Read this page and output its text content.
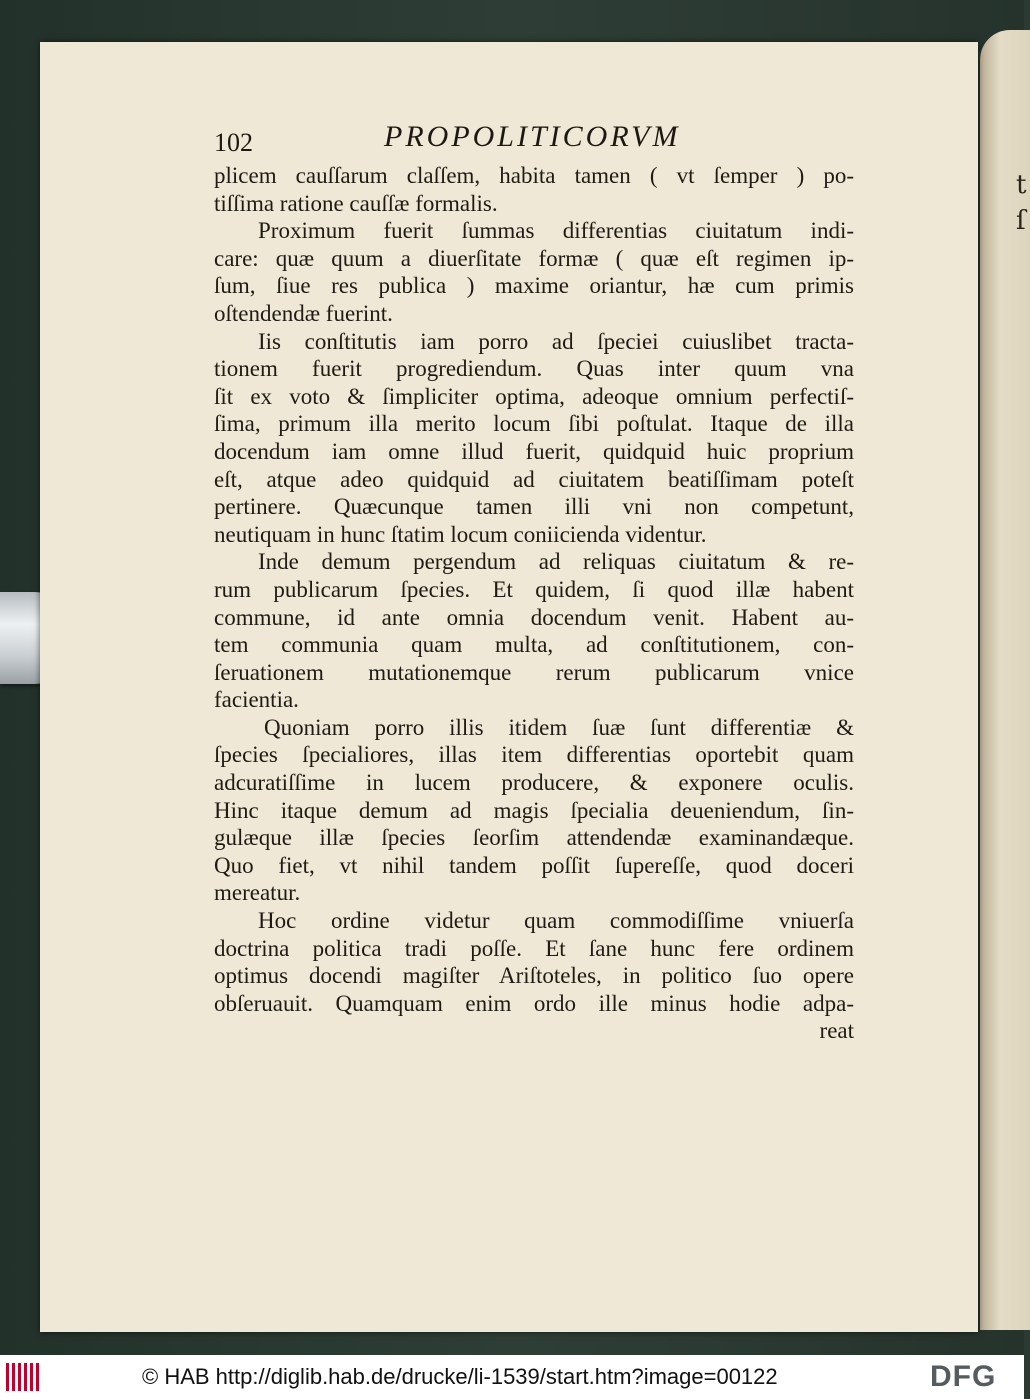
t
ſ
102	PROPOLITICORVM
plicem cauſſarum claſſem, habita tamen ( vt ſemper ) po-
tiſſima ratione cauſſæ formalis.
Proximum fuerit ſummas differentias ciuitatum indi-
care: quæ quum a diuerſitate formæ ( quæ eſt regimen ip-
ſum, ſiue res publica ) maxime oriantur, hæ cum primis
oſtendendæ fuerint.
Iis conſtitutis iam porro ad ſpeciei cuiuslibet tracta-
tionem fuerit progrediendum. Quas inter quum vna
ſit ex voto & ſimpliciter optima, adeoque omnium perfectiſ-
ſima, primum illa merito locum ſibi poſtulat. Itaque de illa
docendum iam omne illud fuerit, quidquid huic proprium
eſt, atque adeo quidquid ad ciuitatem beatiſſimam poteſt
pertinere. Quæcunque tamen illi vni non competunt,
neutiquam in hunc ſtatim locum coniicienda videntur.
Inde demum pergendum ad reliquas ciuitatum & re-
rum publicarum ſpecies. Et quidem, ſi quod illæ habent
commune, id ante omnia docendum venit. Habent au-
tem communia quam multa, ad conſtitutionem, con-
ſeruationem mutationemque rerum publicarum vnice
facientia.
Quoniam porro illis itidem ſuæ ſunt differentiæ &
ſpecies ſpecialiores, illas item differentias oportebit quam
adcuratiſſime in lucem producere, & exponere oculis.
Hinc itaque demum ad magis ſpecialia deueniendum, ſin-
gulæque illæ ſpecies ſeorſim attendendæ examinandæque.
Quo fiet, vt nihil tandem poſſit ſupereſſe, quod doceri
mereatur.
Hoc ordine videtur quam commodiſſime vniuerſa
doctrina politica tradi poſſe. Et ſane hunc fere ordinem
optimus docendi magiſter Ariſtoteles, in politico ſuo opere
obſeruauit. Quamquam enim ordo ille minus hodie adpa-
reat
© HAB http://diglib.hab.de/drucke/li-1539/start.htm?image=00122	DFG
